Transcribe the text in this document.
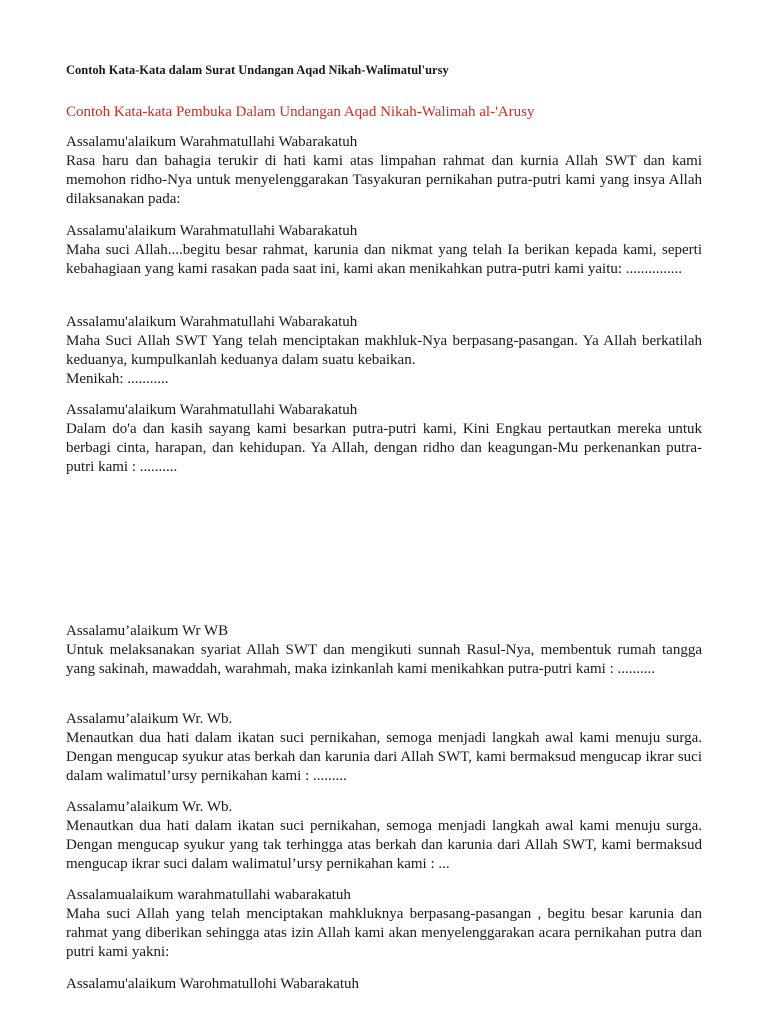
Contoh Kata-Kata dalam Surat Undangan Aqad Nikah-Walimatul'ursy
Contoh Kata-kata Pembuka Dalam Undangan Aqad Nikah-Walimah al-'Arusy
Assalamu'alaikum Warahmatullahi Wabarakatuh
Rasa haru dan bahagia terukir di hati kami atas limpahan rahmat dan kurnia Allah SWT dan kami memohon ridho-Nya untuk menyelenggarakan Tasyakuran pernikahan putra-putri kami yang insya Allah dilaksanakan pada:
Assalamu'alaikum Warahmatullahi Wabarakatuh
Maha suci Allah....begitu besar rahmat, karunia dan nikmat yang telah Ia berikan kepada kami, seperti kebahagiaan yang kami rasakan pada saat ini, kami akan menikahkan putra-putri kami yaitu: ...............
Assalamu'alaikum Warahmatullahi Wabarakatuh
Maha Suci Allah SWT Yang telah menciptakan makhluk-Nya berpasang-pasangan. Ya Allah berkatilah keduanya, kumpulkanlah keduanya dalam suatu kebaikan.
Menikah: ...........
Assalamu'alaikum Warahmatullahi Wabarakatuh
Dalam do'a dan kasih sayang kami besarkan putra-putri kami, Kini Engkau pertautkan mereka untuk berbagi cinta, harapan, dan kehidupan. Ya Allah, dengan ridho dan keagungan-Mu perkenankan putra-putri kami : ..........
Assalamu’alaikum Wr WB
Untuk melaksanakan syariat Allah SWT dan mengikuti sunnah Rasul-Nya, membentuk rumah tangga yang sakinah, mawaddah, warahmah, maka izinkanlah kami menikahkan putra-putri kami : ..........
Assalamu’alaikum Wr. Wb.
Menautkan dua hati dalam ikatan suci pernikahan, semoga menjadi langkah awal kami menuju surga. Dengan mengucap syukur atas berkah dan karunia dari Allah SWT, kami bermaksud mengucap ikrar suci dalam walimatul’ursy pernikahan kami : .........
Assalamu’alaikum Wr. Wb.
Menautkan dua hati dalam ikatan suci pernikahan, semoga menjadi langkah awal kami menuju surga. Dengan mengucap syukur yang tak terhingga atas berkah dan karunia dari Allah SWT, kami bermaksud mengucap ikrar suci dalam walimatul’ursy pernikahan kami : ...
Assalamualaikum warahmatullahi wabarakatuh
Maha suci Allah yang telah menciptakan mahkluknya berpasang-pasangan , begitu besar karunia dan rahmat yang diberikan sehingga atas izin Allah kami akan menyelenggarakan acara pernikahan putra dan putri kami yakni:
Assalamu'alaikum Warohmatullohi Wabarakatuh
